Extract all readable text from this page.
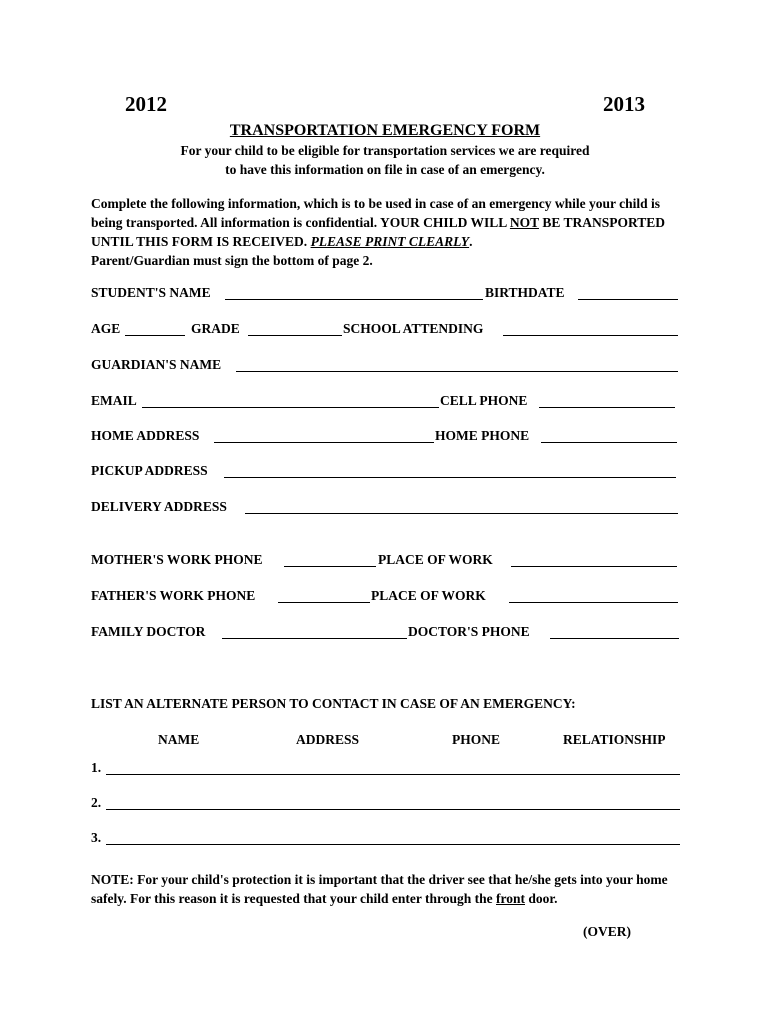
2012	2013
TRANSPORTATION EMERGENCY FORM
For your child to be eligible for transportation services we are required
to have this information on file in case of an emergency.
Complete the following information, which is to be used in case of an emergency while your child is being transported. All information is confidential. YOUR CHILD WILL NOT BE TRANSPORTED UNTIL THIS FORM IS RECEIVED. PLEASE PRINT CLEARLY.
Parent/Guardian must sign the bottom of page 2.
STUDENT'S NAME	BIRTHDATE
AGE	GRADE	SCHOOL ATTENDING
GUARDIAN'S NAME
EMAIL	CELL PHONE
HOME ADDRESS	HOME PHONE
PICKUP ADDRESS
DELIVERY ADDRESS
MOTHER'S WORK PHONE	PLACE OF WORK
FATHER'S WORK PHONE	PLACE OF WORK
FAMILY DOCTOR	DOCTOR'S PHONE
LIST AN ALTERNATE PERSON TO CONTACT IN CASE OF AN EMERGENCY:
NAME	ADDRESS	PHONE	RELATIONSHIP
1.
2.
3.
NOTE: For your child's protection it is important that the driver see that he/she gets into your home safely. For this reason it is requested that your child enter through the front door.
(OVER)
